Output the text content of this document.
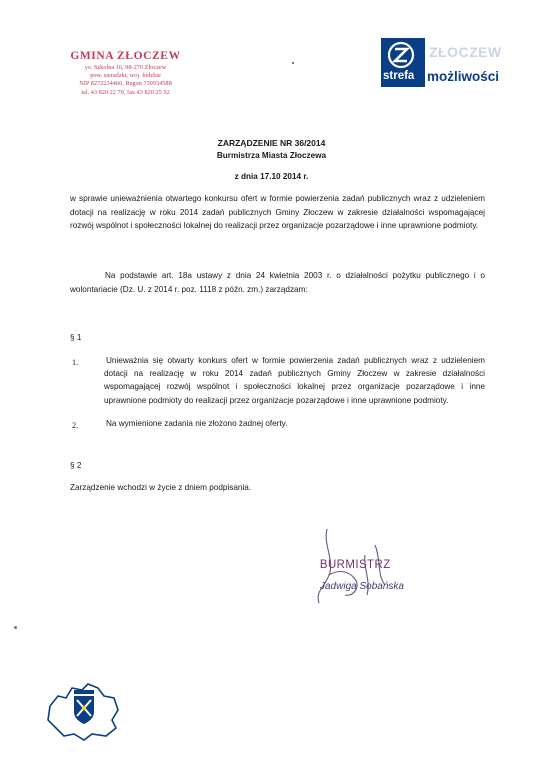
GMINA ZŁOCZEW
ул. Szkolna 16, 98-270 Złoczew
pow. sieradzki, woj. łódzkie
NIP 8272234466, Regon 730934588
tel. 43 820 22 70, fax 43 820 25 92
strefa
ZŁOCZEW
możliwości
ZARZĄDZENIE NR 36/2014
Burmistrza Miasta Złoczewa
z dnia 17.10 2014 r.
w sprawie unieważnienia otwartego konkursu ofert w formie powierzenia zadań publicznych wraz z udzieleniem dotacji na realizację w roku 2014 zadań publicznych Gminy Złoczew w zakresie działalności wspomagającej rozwój wspólnot i społeczności lokalnej do realizacji przez organizacje pozarządowe i inne uprawnione podmioty.
Na podstawie art. 18a ustawy z dnia 24 kwietnia 2003 r. o działalności pożytku publicznego i o wolontariacie (Dz. U. z 2014 r. poz. 1118 z późn. zm.) zarządzam:
§ 1
1.	Unieważnia się otwarty konkurs ofert w formie powierzenia zadań publicznych wraz z udzieleniem dotacji na realizację w roku 2014 zadań publicznych Gminy Złoczew w zakresie działalności wspomagającej rozwój wspólnot i społeczności lokalnej przez organizacje pozarządowe i inne uprawnione podmioty do realizacji przez organizacje pozarządowe i inne uprawnione podmioty.
2.	Na wymienione zadania nie złożono żadnej oferty.
§ 2
Zarządzenie wchodzi w życie z dniem podpisania.
BURMISTRZ
Jadwiga Sobańska
